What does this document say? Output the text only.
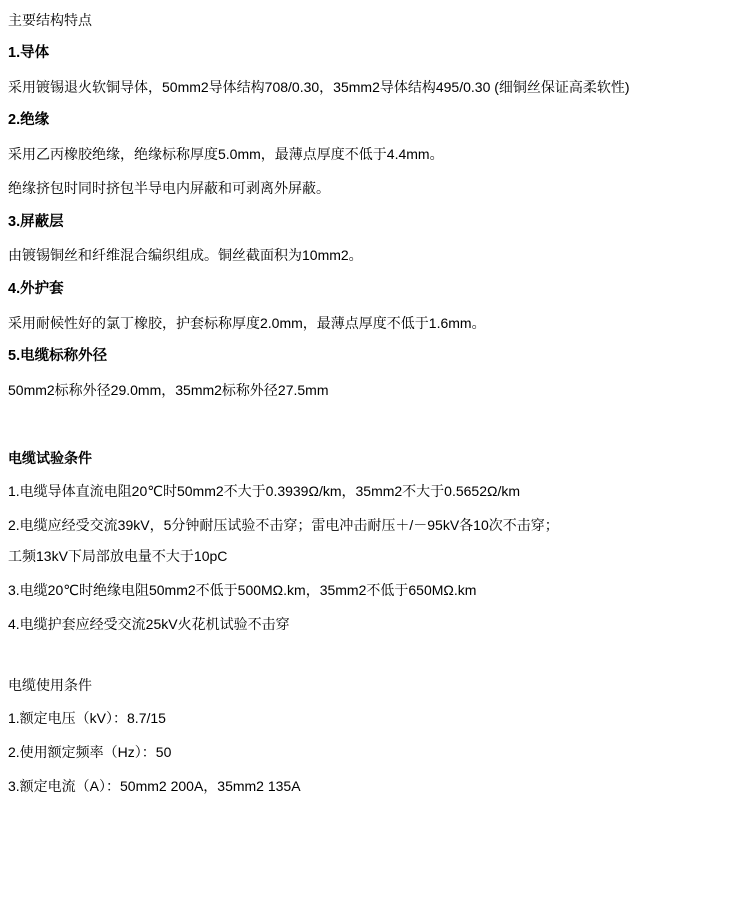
主要结构特点
1.导体
采用镀锡退火软铜导体，50mm2导体结构708/0.30，35mm2导体结构495/0.30 (细铜丝保证高柔软性)
2.绝缘
采用乙丙橡胶绝缘，绝缘标称厚度5.0mm，最薄点厚度不低于4.4mm。
绝缘挤包时同时挤包半导电内屏蔽和可剥离外屏蔽。
3.屏蔽层
由镀锡铜丝和纤维混合编织组成。铜丝截面积为10mm2。
4.外护套
采用耐候性好的氯丁橡胶，护套标称厚度2.0mm，最薄点厚度不低于1.6mm。
5.电缆标称外径
50mm2标称外径29.0mm，35mm2标称外径27.5mm
电缆试验条件
1.电缆导体直流电阻20℃时50mm2不大于0.3939Ω/km，35mm2不大于0.5652Ω/km
2.电缆应经受交流39kV，5分钟耐压试验不击穿；雷电冲击耐压＋/－95kV各10次不击穿；
工频13kV下局部放电量不大于10pC
3.电缆20℃时绝缘电阻50mm2不低于500MΩ.km，35mm2不低于650MΩ.km
4.电缆护套应经受交流25kV火花机试验不击穿
电缆使用条件
1.额定电压（kV）：8.7/15
2.使用额定频率（Hz）：50
3.额定电流（A）：50mm2 200A，35mm2 135A
